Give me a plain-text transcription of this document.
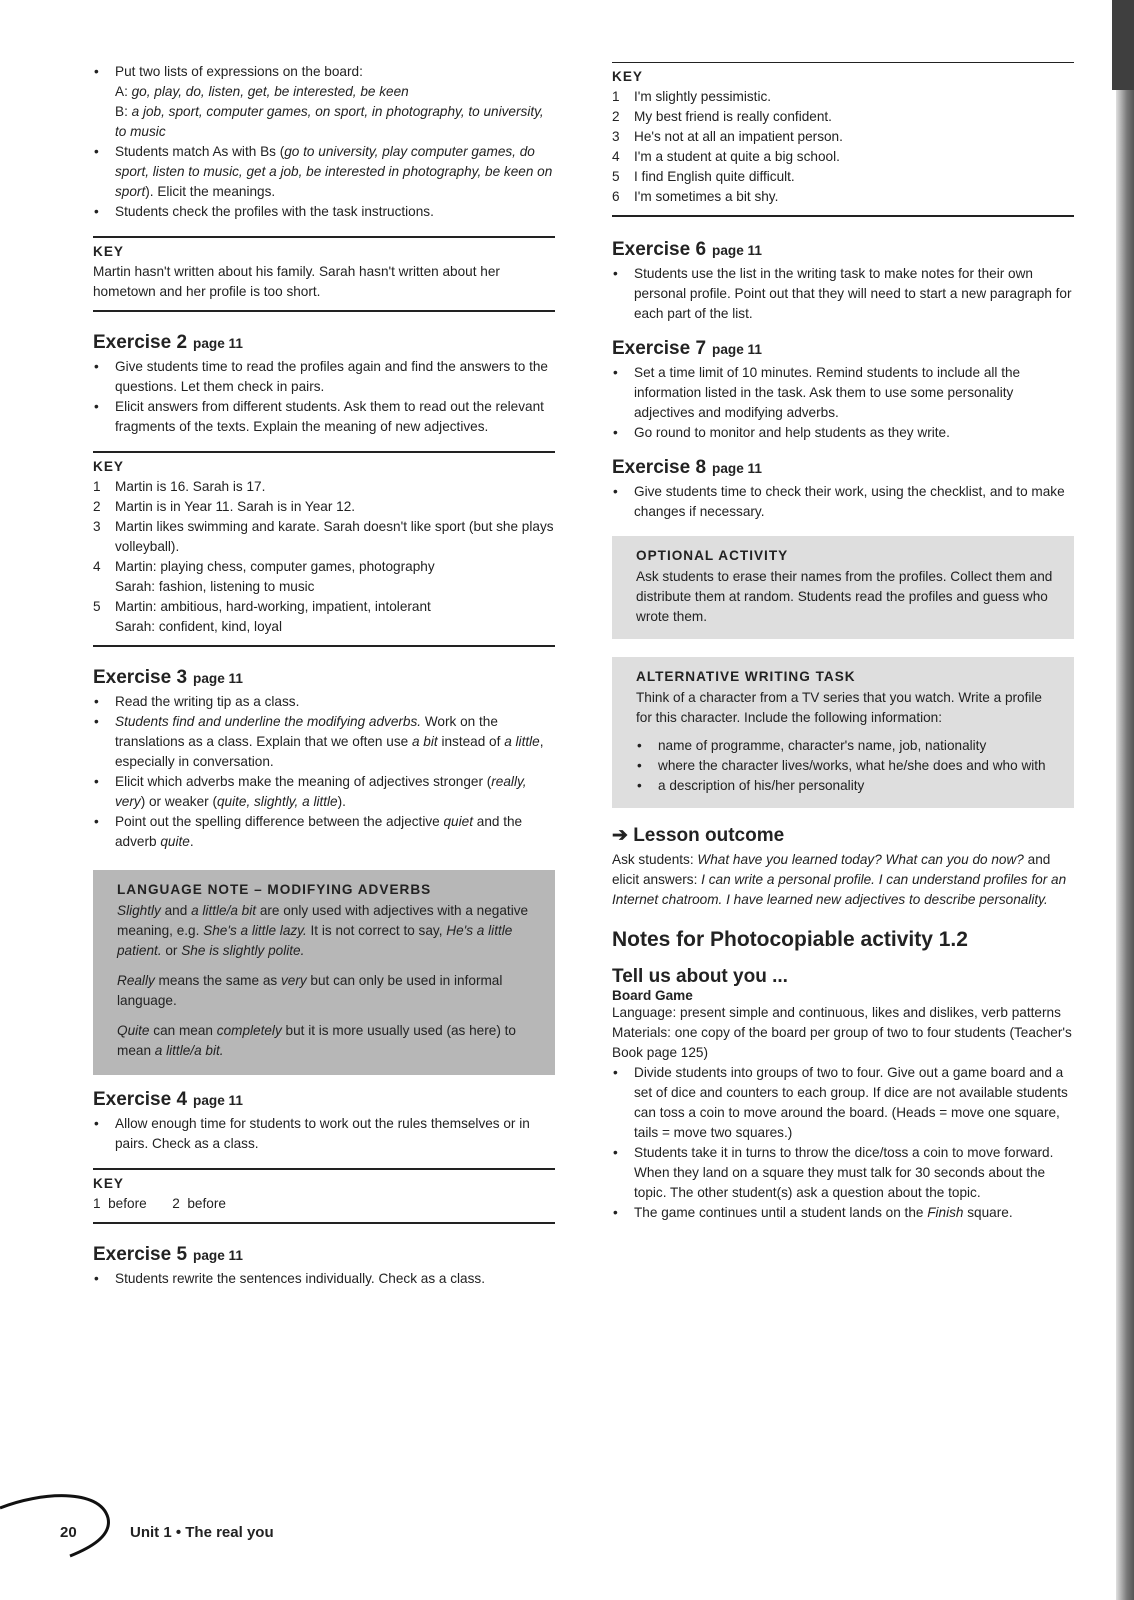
• Put two lists of expressions on the board:
A: go, play, do, listen, get, be interested, be keen
B: a job, sport, computer games, on sport, in photography, to university, to music
• Students match As with Bs (go to university, play computer games, do sport, listen to music, get a job, be interested in photography, be keen on sport). Elicit the meanings.
• Students check the profiles with the task instructions.
KEY

Martin hasn't written about his family. Sarah hasn't written about her hometown and her profile is too short.

Exercise 2 page 11
• Give students time to read the profiles again and find the answers to the questions. Let them check in pairs.
• Elicit answers from different students. Ask them to read out the relevant fragments of the texts. Explain the meaning of new adjectives.
KEY
1 Martin is 16. Sarah is 17.
2 Martin is in Year 11. Sarah is in Year 12.
3 Martin likes swimming and karate. Sarah doesn't like sport (but she plays volleyball).
4 Martin: playing chess, computer games, photography
Sarah: fashion, listening to music
5 Martin: ambitious, hard-working, impatient, intolerant
Sarah: confident, kind, loyal
Exercise 3 page 11
• Read the writing tip as a class.
• Students find and underline the modifying adverbs. Work on the translations as a class. Explain that we often use a bit instead of a little, especially in conversation.
• Elicit which adverbs make the meaning of adjectives stronger (really, very) or weaker (quite, slightly, a little).
• Point out the spelling difference between the adjective quiet and the adverb quite.
LANGUAGE NOTE – MODIFYING ADVERBS

Slightly and a little/a bit are only used with adjectives with a negative meaning, e.g. She's a little lazy. It is not correct to say, He's a little patient. or She is slightly polite.

Really means the same as very but can only be used in informal language.

Quite can mean completely but it is more usually used (as here) to mean a little/a bit.

Exercise 4 page 11
• Allow enough time for students to work out the rules themselves or in pairs. Check as a class.
KEY
1 before 2 before
Exercise 5 page 11
• Students rewrite the sentences individually. Check as a class.
KEY
1 I'm slightly pessimistic.
2 My best friend is really confident.
3 He's not at all an impatient person.
4 I'm a student at quite a big school.
5 I find English quite difficult.
6 I'm sometimes a bit shy.
Exercise 6 page 11
• Students use the list in the writing task to make notes for their own personal profile. Point out that they will need to start a new paragraph for each part of the list.
Exercise 7 page 11
• Set a time limit of 10 minutes. Remind students to include all the information listed in the task. Ask them to use some personality adjectives and modifying adverbs.
• Go round to monitor and help students as they write.
Exercise 8 page 11
• Give students time to check their work, using the checklist, and to make changes if necessary.
OPTIONAL ACTIVITY

Ask students to erase their names from the profiles. Collect them and distribute them at random. Students read the profiles and guess who wrote them.

ALTERNATIVE WRITING TASK

Think of a character from a TV series that you watch. Write a profile for this character. Include the following information:

• name of programme, character's name, job, nationality
• where the character lives/works, what he/she does and who with
• a description of his/her personality
➔ Lesson outcome

Ask students: What have you learned today? What can you do now? and elicit answers: I can write a personal profile. I can understand profiles for an Internet chatroom. I have learned new adjectives to describe personality.

Notes for Photocopiable activity 1.2
Tell us about you ...
Board Game

Language: present simple and continuous, likes and dislikes, verb patterns

Materials: one copy of the board per group of two to four students (Teacher's Book page 125)

• Divide students into groups of two to four. Give out a game board and a set of dice and counters to each group. If dice are not available students can toss a coin to move around the board. (Heads = move one square, tails = move two squares.)
• Students take it in turns to throw the dice/toss a coin to move forward. When they land on a square they must talk for 30 seconds about the topic. The other student(s) ask a question about the topic.
• The game continues until a student lands on the Finish square.
20	Unit 1 • The real you
